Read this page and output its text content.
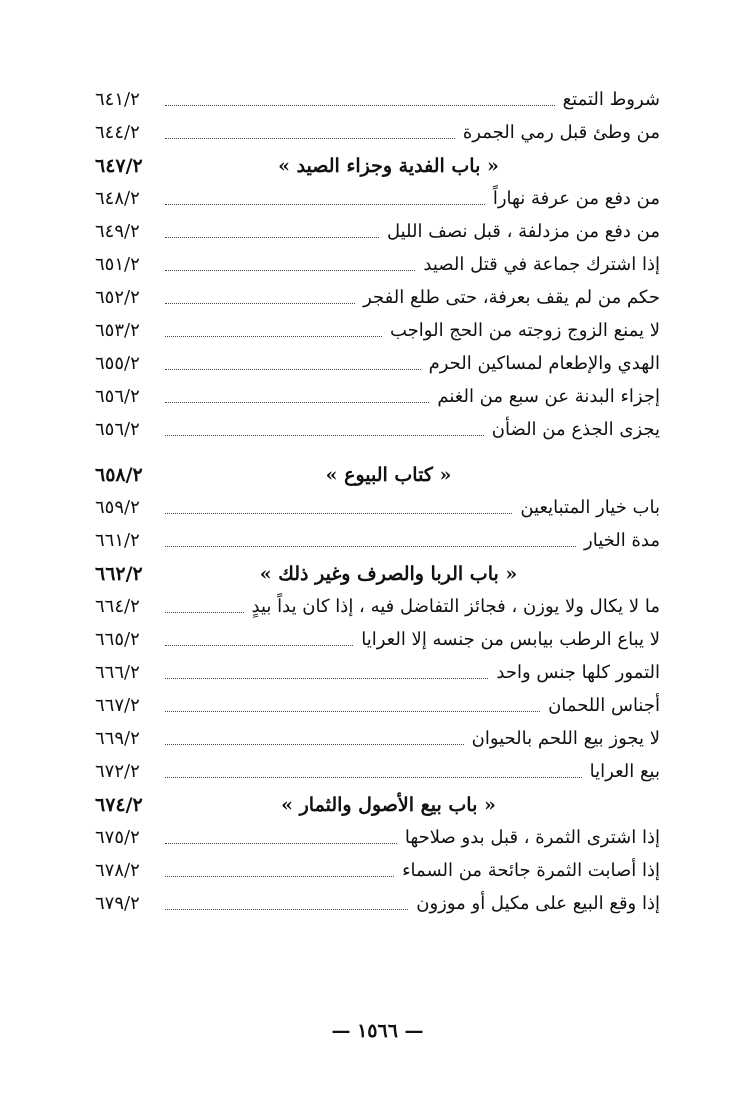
شروط التمتع
٦٤١/٢
من وطئ قبل رمي الجمرة
٦٤٤/٢
« باب الفدية وجزاء الصيد »
٦٤٧/٢
من دفع من عرفة نهاراً
٦٤٨/٢
من دفع من مزدلفة ، قبل نصف الليل
٦٤٩/٢
إذا اشترك جماعة في قتل الصيد
٦٥١/٢
حكم من لم يقف بعرفة، حتى طلع الفجر
٦٥٢/٢
لا يمنع الزوج زوجته من الحج الواجب
٦٥٣/٢
الهدي والإطعام لمساكين الحرم
٦٥٥/٢
إجزاء البدنة عن سبع من الغنم
٦٥٦/٢
يجزى الجذع من الضأن
٦٥٦/٢
« كتاب البيوع »
٦٥٨/٢
باب خيار المتبايعين
٦٥٩/٢
مدة الخيار
٦٦١/٢
« باب الربا والصرف وغير ذلك »
٦٦٢/٢
ما لا يكال ولا يوزن ، فجائز التفاضل فيه ، إذا كان يداً بيدٍ
٦٦٤/٢
لا يباع الرطب بيابس من جنسه إلا العرايا
٦٦٥/٢
التمور كلها جنس واحد
٦٦٦/٢
أجناس اللحمان
٦٦٧/٢
لا يجوز بيع اللحم بالحيوان
٦٦٩/٢
بيع العرايا
٦٧٢/٢
« باب بيع الأصول والثمار »
٦٧٤/٢
إذا اشترى الثمرة ، قبل بدو صلاحها
٦٧٥/٢
إذا أصابت الثمرة جائحة من السماء
٦٧٨/٢
إذا وقع البيع على مكيل أو موزون
٦٧٩/٢
— ١٥٦٦ —
